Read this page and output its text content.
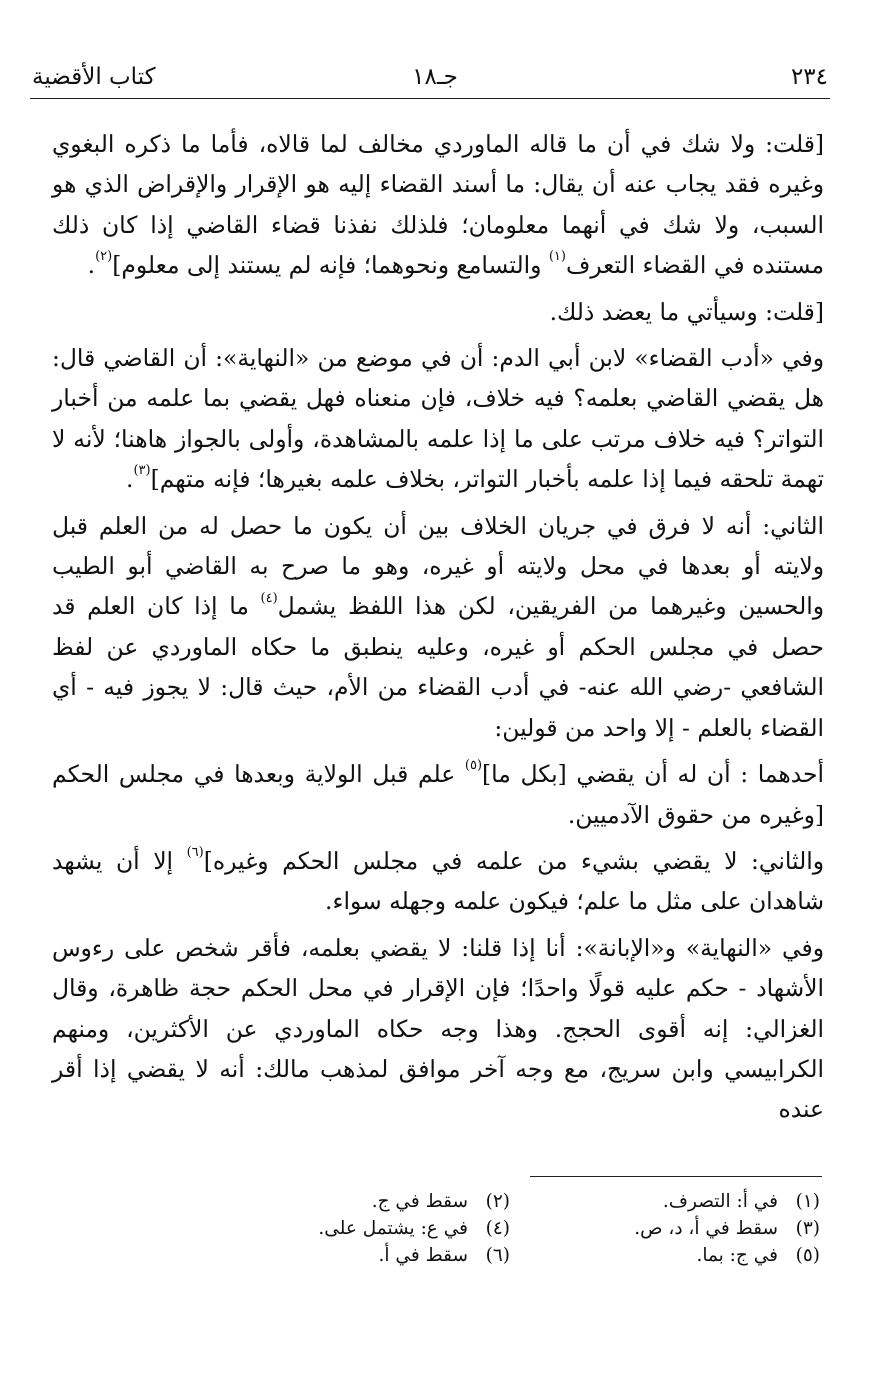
كتاب الأقضية	جـ١٨	٢٣٤

[قلت: ولا شك في أن ما قاله الماوردي مخالف لما قالاه، فأما ما ذكره البغوي وغيره فقد يجاب عنه أن يقال: ما أسند القضاء إليه هو الإقرار والإقراض الذي هو السبب، ولا شك في أنهما معلومان؛ فلذلك نفذنا قضاء القاضي إذا كان ذلك مستنده في القضاء التعرف$^{(١)}$ والتسامع ونحوهما؛ فإنه لم يستند إلى معلوم]$^{(٢)}$.

[قلت: وسيأتي ما يعضد ذلك.

وفي «أدب القضاء» لابن أبي الدم: أن في موضع من «النهاية»: أن القاضي قال: هل يقضي القاضي بعلمه؟ فيه خلاف، فإن منعناه فهل يقضي بما علمه من أخبار التواتر؟ فيه خلاف مرتب على ما إذا علمه بالمشاهدة، وأولى بالجواز هاهنا؛ لأنه لا تهمة تلحقه فيما إذا علمه بأخبار التواتر، بخلاف علمه بغيرها؛ فإنه متهم]$^{(٣)}$.

الثاني: أنه لا فرق في جريان الخلاف بين أن يكون ما حصل له من العلم قبل ولايته أو بعدها في محل ولايته أو غيره، وهو ما صرح به القاضي أبو الطيب والحسين وغيرهما من الفريقين، لكن هذا اللفظ يشمل$^{(٤)}$ ما إذا كان العلم قد حصل في مجلس الحكم أو غيره، وعليه ينطبق ما حكاه الماوردي عن لفظ الشافعي -رضي الله عنه- في أدب القضاء من الأم، حيث قال: لا يجوز فيه - أي القضاء بالعلم - إلا واحد من قولين:

أحدهما : أن له أن يقضي [بكل ما]$^{(٥)}$ علم قبل الولاية وبعدها في مجلس الحكم [وغيره من حقوق الآدميين.

والثاني: لا يقضي بشيء من علمه في مجلس الحكم وغيره]$^{(٦)}$ إلا أن يشهد شاهدان على مثل ما علم؛ فيكون علمه وجهله سواء.

وفي «النهاية» و«الإبانة»: أنا إذا قلنا: لا يقضي بعلمه، فأقر شخص على رءوس الأشهاد - حكم عليه قولًا واحدًا؛ فإن الإقرار في محل الحكم حجة ظاهرة، وقال الغزالي: إنه أقوى الحجج. وهذا وجه حكاه الماوردي عن الأكثرين، ومنهم الكرابيسي وابن سريج، مع وجه آخر موافق لمذهب مالك: أنه لا يقضي إذا أقر عنده

(١)في أ: التصرف.
(٢)سقط في ج.
(٣)سقط في أ، د، ص.
(٤)في ع: يشتمل على.
(٥)في ج: بما.
(٦)سقط في أ.
